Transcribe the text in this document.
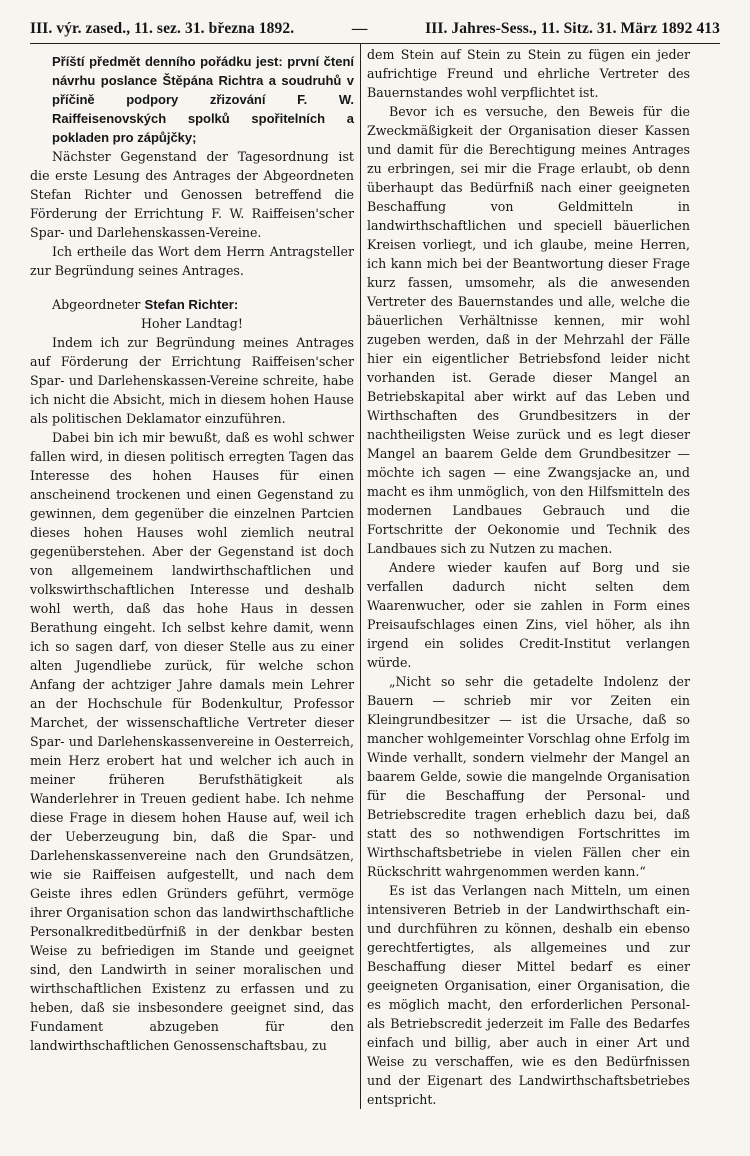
III. výr. zased., 11. sez. 31. března 1892.	—	III. Jahres-Sess., 11. Sitz. 31. März 1892 413

Příští předmět denního pořádku jest: první čtení návrhu poslance Štěpána Richtra a soudruhů v příčině podpory zřizování F. W. Raiffeisenovských spolků spořitelních a pokladen pro zápůjčky;

Nächster Gegenstand der Tagesordnung ist die erste Lesung des Antrages der Abgeordneten Stefan Richter und Genossen betreffend die Förderung der Errichtung F. W. Raiffeisen'scher Spar- und Darlehenskassen-Vereine.

Ich ertheile das Wort dem Herrn Antragsteller zur Begründung seines Antrages.

Abgeordneter Stefan Richter:

Hoher Landtag!

Indem ich zur Begründung meines Antrages auf Förderung der Errichtung Raiffeisen'scher Spar- und Darlehenskassen-Vereine schreite, habe ich nicht die Absicht, mich in diesem hohen Hause als politischen Deklamator einzuführen.

Dabei bin ich mir bewußt, daß es wohl schwer fallen wird, in diesen politisch erregten Tagen das Interesse des hohen Hauses für einen anscheinend trockenen und einen Gegenstand zu gewinnen, dem gegenüber die einzelnen Partcien dieses hohen Hauses wohl ziemlich neutral gegenüberstehen. Aber der Gegenstand ist doch von allgemeinem landwirthschaftlichen und volkswirthschaftlichen Interesse und deshalb wohl werth, daß das hohe Haus in dessen Berathung eingeht. Ich selbst kehre damit, wenn ich so sagen darf, von dieser Stelle aus zu einer alten Jugendliebe zurück, für welche schon Anfang der achtziger Jahre damals mein Lehrer an der Hochschule für Bodenkultur, Professor Marchet, der wissenschaftliche Vertreter dieser Spar- und Darlehenskassenvereine in Oesterreich, mein Herz erobert hat und welcher ich auch in meiner früheren Berufsthätigkeit als Wanderlehrer in Treuen gedient habe. Ich nehme diese Frage in diesem hohen Hause auf, weil ich der Ueberzeugung bin, daß die Spar- und Darlehenskassenvereine nach den Grundsätzen, wie sie Raiffeisen aufgestellt, und nach dem Geiste ihres edlen Gründers geführt, vermöge ihrer Organisation schon das landwirthschaftliche Personalkreditbedürfniß in der denkbar besten Weise zu befriedigen im Stande und geeignet sind, den Landwirth in seiner moralischen und wirthschaftlichen Existenz zu erfassen und zu heben, daß sie insbesondere geeignet sind, das Fundament abzugeben für den landwirthschaftlichen Genossenschaftsbau, zu

dem Stein auf Stein zu Stein zu fügen ein jeder aufrichtige Freund und ehrliche Vertreter des Bauernstandes wohl verpflichtet ist.

Bevor ich es versuche, den Beweis für die Zweckmäßigkeit der Organisation dieser Kassen und damit für die Berechtigung meines Antrages zu erbringen, sei mir die Frage erlaubt, ob denn überhaupt das Bedürfniß nach einer geeigneten Beschaffung von Geldmitteln in landwirthschaftlichen und speciell bäuerlichen Kreisen vorliegt, und ich glaube, meine Herren, ich kann mich bei der Beantwortung dieser Frage kurz fassen, umsomehr, als die anwesenden Vertreter des Bauernstandes und alle, welche die bäuerlichen Verhältnisse kennen, mir wohl zugeben werden, daß in der Mehrzahl der Fälle hier ein eigentlicher Betriebsfond leider nicht vorhanden ist. Gerade dieser Mangel an Betriebskapital aber wirkt auf das Leben und Wirthschaften des Grundbesitzers in der nachtheiligsten Weise zurück und es legt dieser Mangel an baarem Gelde dem Grundbesitzer — möchte ich sagen — eine Zwangsjacke an, und macht es ihm unmöglich, von den Hilfsmitteln des modernen Landbaues Gebrauch und die Fortschritte der Oekonomie und Technik des Landbaues sich zu Nutzen zu machen.

Andere wieder kaufen auf Borg und sie verfallen dadurch nicht selten dem Waarenwucher, oder sie zahlen in Form eines Preisaufschlages einen Zins, viel höher, als ihn irgend ein solides Credit-Institut verlangen würde.

„Nicht so sehr die getadelte Indolenz der Bauern — schrieb mir vor Zeiten ein Kleingrundbesitzer — ist die Ursache, daß so mancher wohlgemeinter Vorschlag ohne Erfolg im Winde verhallt, sondern vielmehr der Mangel an baarem Gelde, sowie die mangelnde Organisation für die Beschaffung der Personal- und Betriebscredite tragen erheblich dazu bei, daß statt des so nothwendigen Fortschrittes im Wirthschaftsbetriebe in vielen Fällen cher ein Rückschritt wahrgenommen werden kann.“

Es ist das Verlangen nach Mitteln, um einen intensiveren Betrieb in der Landwirthschaft ein- und durchführen zu können, deshalb ein ebenso gerechtfertigtes, als allgemeines und zur Beschaffung dieser Mittel bedarf es einer geeigneten Organisation, einer Organisation, die es möglich macht, den erforderlichen Personal- als Betriebscredit jederzeit im Falle des Bedarfes einfach und billig, aber auch in einer Art und Weise zu verschaffen, wie es den Bedürfnissen und der Eigenart des Landwirthschaftsbetriebes entspricht.
